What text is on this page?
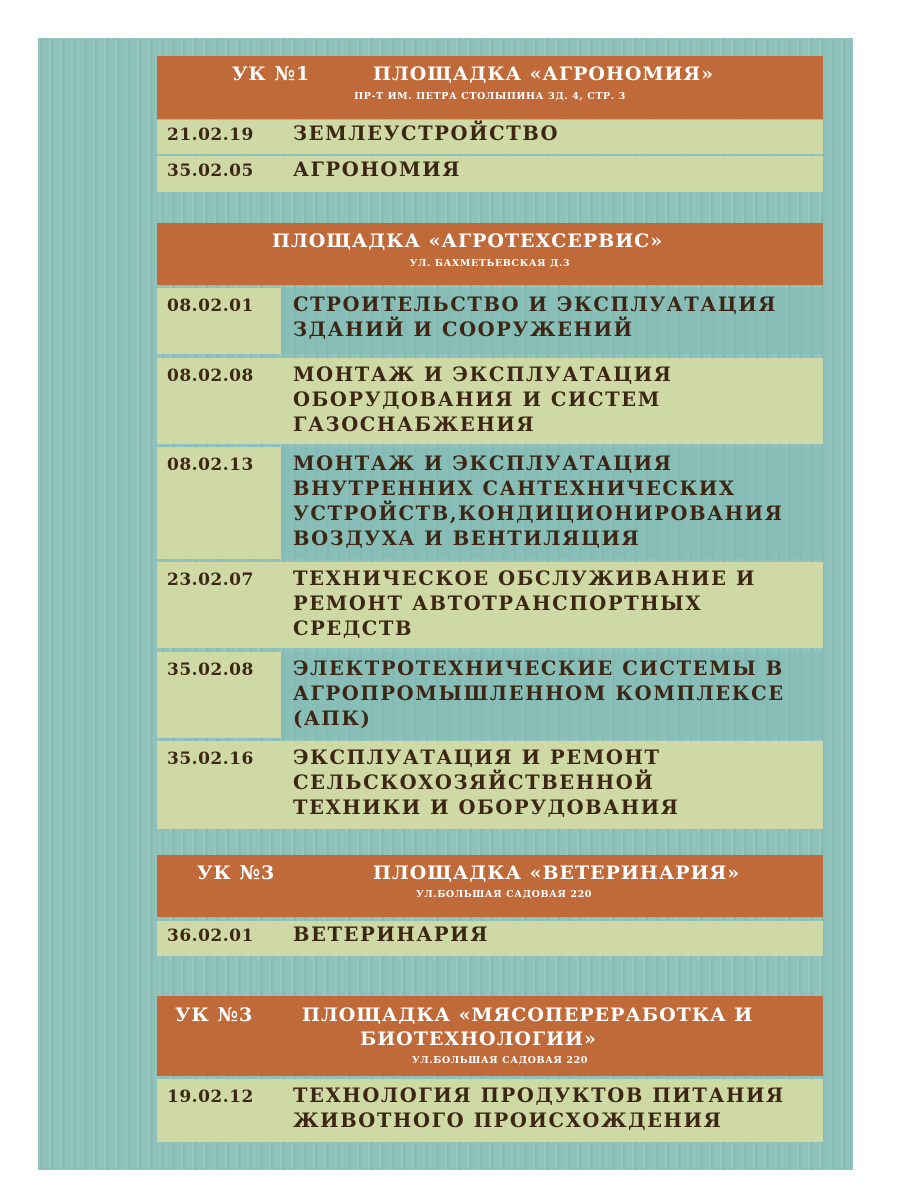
УК №1	ПЛОЩАДКА «АГРОНОМИЯ»
ПР-Т ИМ. ПЕТРА СТОЛЫПИНА ЗД. 4, СТР. 3
21.02.19	ЗЕМЛЕУСТРОЙСТВО
35.02.05	АГРОНОМИЯ
ПЛОЩАДКА «АГРОТЕХСЕРВИС»
УЛ. БАХМЕТЬЕВСКАЯ Д.3
08.02.01	СТРОИТЕЛЬСТВО И ЭКСПЛУАТАЦИЯ
ЗДАНИЙ И СООРУЖЕНИЙ
08.02.08	МОНТАЖ И ЭКСПЛУАТАЦИЯ
ОБОРУДОВАНИЯ И СИСТЕМ
ГАЗОСНАБЖЕНИЯ
08.02.13	МОНТАЖ И ЭКСПЛУАТАЦИЯ
ВНУТРЕННИХ САНТЕХНИЧЕСКИХ
УСТРОЙСТВ,КОНДИЦИОНИРОВАНИЯ
ВОЗДУХА И ВЕНТИЛЯЦИЯ
23.02.07	ТЕХНИЧЕСКОЕ ОБСЛУЖИВАНИЕ И
РЕМОНТ АВТОТРАНСПОРТНЫХ
СРЕДСТВ
35.02.08	ЭЛЕКТРОТЕХНИЧЕСКИЕ СИСТЕМЫ В
АГРОПРОМЫШЛЕННОМ КОМПЛЕКСЕ
(АПК)
35.02.16	ЭКСПЛУАТАЦИЯ И РЕМОНТ
СЕЛЬСКОХОЗЯЙСТВЕННОЙ
ТЕХНИКИ И ОБОРУДОВАНИЯ
УК №3	ПЛОЩАДКА «ВЕТЕРИНАРИЯ»
УЛ.БОЛЬШАЯ САДОВАЯ 220
36.02.01	ВЕТЕРИНАРИЯ
УК №3	ПЛОЩАДКА «МЯСОПЕРЕРАБОТКА И
БИОТЕХНОЛОГИИ»
УЛ.БОЛЬШАЯ САДОВАЯ 220
19.02.12	ТЕХНОЛОГИЯ ПРОДУКТОВ ПИТАНИЯ
ЖИВОТНОГО ПРОИСХОЖДЕНИЯ
